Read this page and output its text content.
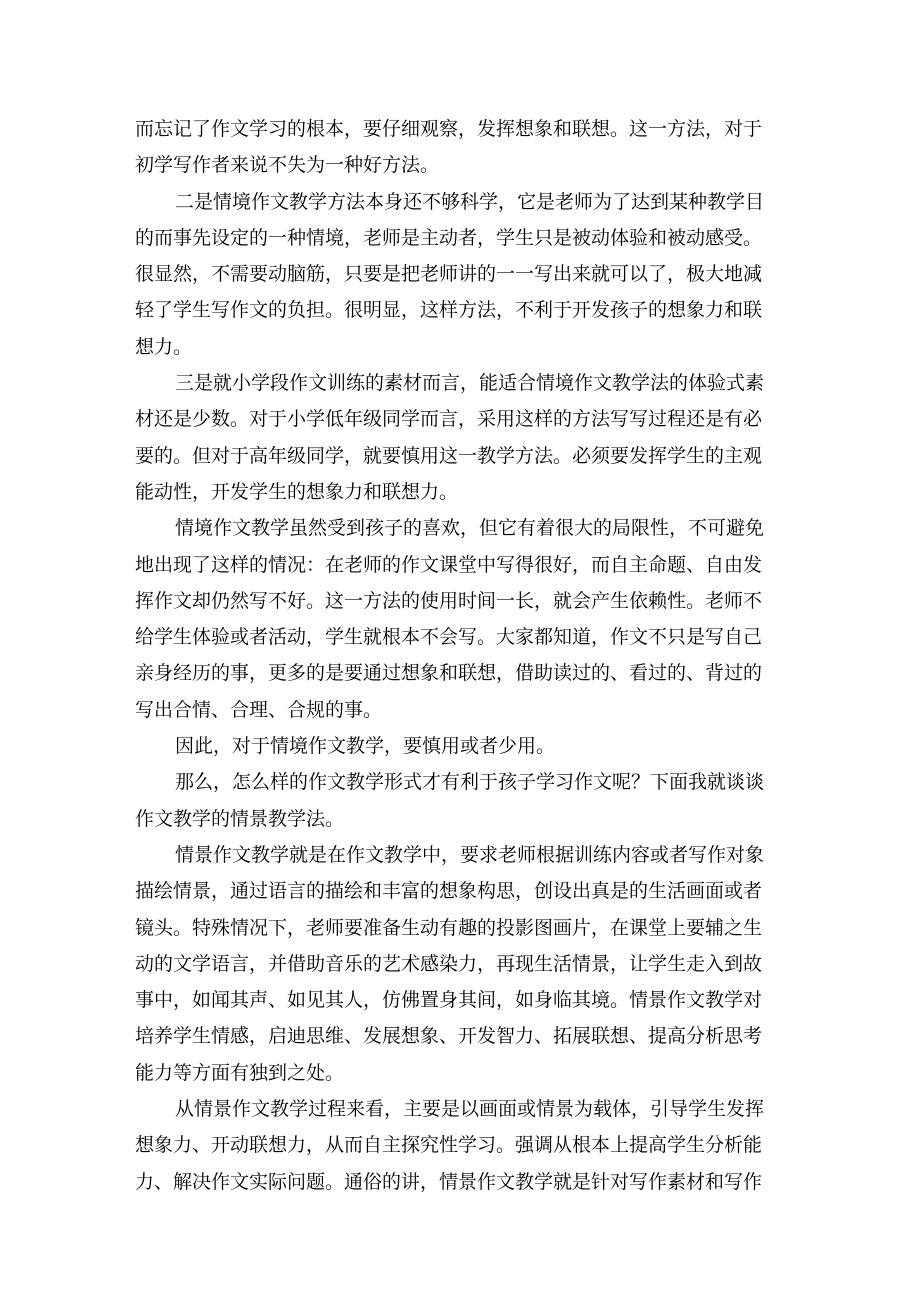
而忘记了作文学习的根本，要仔细观察，发挥想象和联想。这一方法，对于
初学写作者来说不失为一种好方法。
二是情境作文教学方法本身还不够科学，它是老师为了达到某种教学目
的而事先设定的一种情境，老师是主动者，学生只是被动体验和被动感受。
很显然，不需要动脑筋，只要是把老师讲的一一写出来就可以了，极大地减
轻了学生写作文的负担。很明显，这样方法，不利于开发孩子的想象力和联
想力。
三是就小学段作文训练的素材而言，能适合情境作文教学法的体验式素
材还是少数。对于小学低年级同学而言，采用这样的方法写写过程还是有必
要的。但对于高年级同学，就要慎用这一教学方法。必须要发挥学生的主观
能动性，开发学生的想象力和联想力。
情境作文教学虽然受到孩子的喜欢，但它有着很大的局限性，不可避免
地出现了这样的情况：在老师的作文课堂中写得很好，而自主命题、自由发
挥作文却仍然写不好。这一方法的使用时间一长，就会产生依赖性。老师不
给学生体验或者活动，学生就根本不会写。大家都知道，作文不只是写自己
亲身经历的事，更多的是要通过想象和联想，借助读过的、看过的、背过的
写出合情、合理、合规的事。
因此，对于情境作文教学，要慎用或者少用。
那么，怎么样的作文教学形式才有利于孩子学习作文呢？下面我就谈谈
作文教学的情景教学法。
情景作文教学就是在作文教学中，要求老师根据训练内容或者写作对象
描绘情景，通过语言的描绘和丰富的想象构思，创设出真是的生活画面或者
镜头。特殊情况下，老师要准备生动有趣的投影图画片，在课堂上要辅之生
动的文学语言，并借助音乐的艺术感染力，再现生活情景，让学生走入到故
事中，如闻其声、如见其人，仿佛置身其间，如身临其境。情景作文教学对
培养学生情感，启迪思维、发展想象、开发智力、拓展联想、提高分析思考
能力等方面有独到之处。
从情景作文教学过程来看，主要是以画面或情景为载体，引导学生发挥
想象力、开动联想力，从而自主探究性学习。强调从根本上提高学生分析能
力、解决作文实际问题。通俗的讲，情景作文教学就是针对写作素材和写作
